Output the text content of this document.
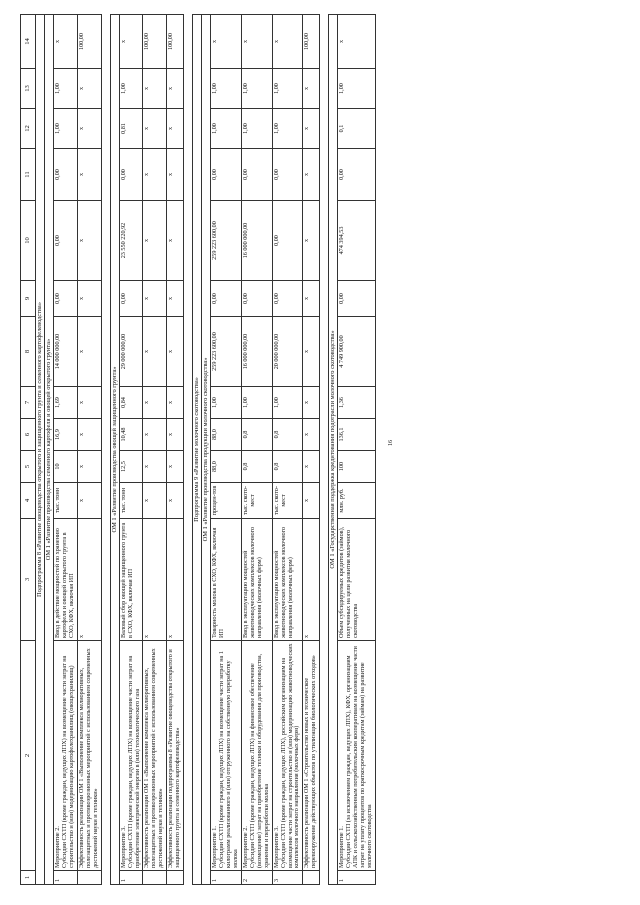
16
1	2	3	4	5	6	7	8	9	10	11	12	13	14
Подпрограмма 8 «Развитие овощеводства открытого и защищенного грунта и семенного картофелеводства»													
ОМ 1 «Развитие производства семенного картофеля и овощей открытого грунта»													
1	Мероприятие 2.
Субсидии СХТП (кроме граждан, ведущих ЛПХ) на возмещение части затрат на строительство и (или) модернизацию картофелехранилищ (овощехранилищ)	Ввод в действие мощностей по хранению картофеля и овощей открытого грунта в СХО, КФХ, включая ИП	тыс. тонн	10	16,9	1,69	14 000 000,00	0,00	0,00	0,00	1,00	1,00	x
	Эффективность реализации ОМ 1 «Выполнение комплекса мелиоративных, полезащитных и противоэрозионных мероприятий с использованием современных достижений науки и техники»	x	x	x	x	x	x	x	x	x	x	x	100,00

ОМ 1 «Развитие производства овощей защищенного грунта»													
1	Мероприятие 3.
Субсидии СХТП (кроме граждан, ведущих ЛПХ) на возмещение части затрат на приобретение электрической энергии в (или) технологического газа	Валовый сбор овощей защищенного грунта в СХО, КФХ, включая ИП	тыс. тонн	12,5	10,48	0,84	29 000 000,00	0,00	23 550 220,92	0,00	0,81	1,00	x
	Эффективность реализации ОМ 1 «Выполнение комплекса мелиоративных, полезащитных и противоэрозионных мероприятий с использованием современных достижений науки и техники»	x	x	x	x	x	x	x	x	x	x	x	100,00
	Эффективность реализации подпрограммы 8 «Развитие овощеводства открытого и защищенного грунта и семенного картофелеводства»	x	x	x	x	x	x	x	x	x	x	x	100,00

Подпрограмма 9 «Развитие молочного скотоводства»													
ОМ 1 «Развитие производства продукции молочного скотоводства»													
1	Мероприятие 1.
Субсидии СХТП (кроме граждан, ведущих ЛПХ) на возмещение части затрат на 1 килограмм реализованного и (или) отгруженного на собственную переработку молока	Товарность молока в СХО, КФХ, включая ИП	процен-тов	88,0	88,0	1,00	259 223 600,00	0,00	259 223 600,00	0,00	1,00	1,00	x
2	Мероприятие 2.
Субсидии СХТП (кроме граждан, ведущих ЛПХ) на финансовое обеспечение (возмещение) затрат на приобретение техники и оборудования для производства, хранения и переработки молока	Ввод в эксплуатацию мощностей животноводческих комплексов молочного направления (молочных ферм)	тыс. ското-мест	0,8	0,8	1,00	16 000 000,00	0,00	16 000 000,00	0,00	1,00	1,00	x
3	Мероприятие 3.
Субсидии СХТП (кроме граждан, ведущих ЛПХ), российским организациям на возмещение части затрат на строительство и (или) модернизацию животноводческих комплексов молочного направления (молочных ферм)	Ввод в эксплуатацию мощностей животноводческих комплексов молочного направления (молочных ферм)	тыс. ското-мест	0,8	0,8	1,00	20 000 000,00	0,00	0,00	0,00	1,00	1,00	x
	Эффективность реализации ОМ 1 «Строительство новых и техническое перевооружение действующих объектов по утилизации биологических отходов»	x	x	x	x	x	x	x	x	x	x	x	100,00

ОМ 1 «Государственная поддержка кредитования подотрасли молочного скотоводства»													
1	Мероприятие 1.
Субсидии СХТП (за исключением граждан, ведущих ЛПХ), КФХ, организациям АПК и сельскохозяйственным потребительским кооперативам на возмещение части затрат на уплату процентов по краткосрочным кредитам (займам) на развитие молочного скотоводства	Объем субсидируемых кредитов (займов), полученных на цели развития молочного скотоводства	млн. руб.	100	136,1	1,36	4 749 900,00	0,00	474 394,53	0,00	0,1	1,00	x
